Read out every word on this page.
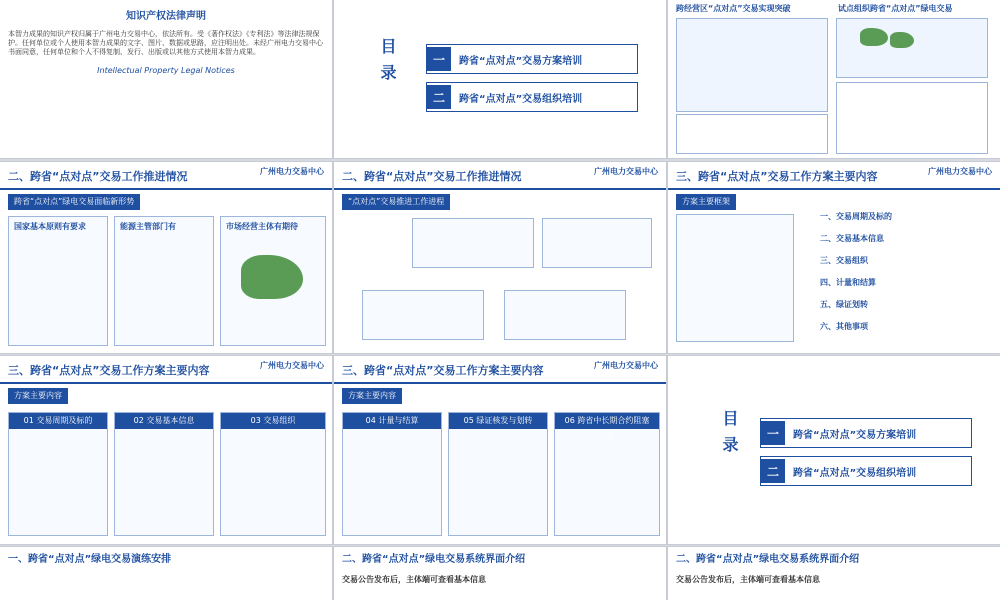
知识产权法律声明
本智力成果的知识产权归属于广州电力交易中心，依法所有。受《著作权法》《专利法》等法律法规保护。任何单位或个人使用本智力成果的文字、图片、数据或思路，应注明出处。未经广州电力交易中心书面同意，任何单位和个人不得复制、发行、出版或以其他方式使用本智力成果。
Intellectual Property Legal Notices	目录	一	跨省“点对点”交易方案培训
二	跨省“点对点”交易组织培训
跨经营区“点对点”交易实现突破	试点组织跨省“点对点”绿电交易
二、跨省“点对点”交易工作推进情况	广州电力交易中心
跨省“点对点”绿电交易面临新形势
国家基本原则有要求	能源主管部门有	市场经营主体有期待
二、跨省“点对点”交易工作推进情况	广州电力交易中心
“点对点”交易推进工作进程
三、跨省“点对点”交易工作方案主要内容	广州电力交易中心
方案主要框架
一、交易周期及标的
二、交易基本信息
三、交易组织
四、计量和结算
五、绿证划转
六、其他事项
三、跨省“点对点”交易工作方案主要内容	广州电力交易中心
方案主要内容
01 交易周期及标的	02 交易基本信息	03 交易组织
三、跨省“点对点”交易工作方案主要内容	广州电力交易中心
方案主要内容
04 计量与结算	05 绿证核发与划转	06 跨省中长期合约阻塞计算	目录	一	跨省“点对点”交易方案培训
二	跨省“点对点”交易组织培训
一、跨省“点对点”绿电交易演练安排	二、跨省“点对点”绿电交易系统界面介绍
交易公告发布后，主体端可查看基本信息
二、跨省“点对点”绿电交易系统界面介绍
交易公告发布后，主体端可查看基本信息
